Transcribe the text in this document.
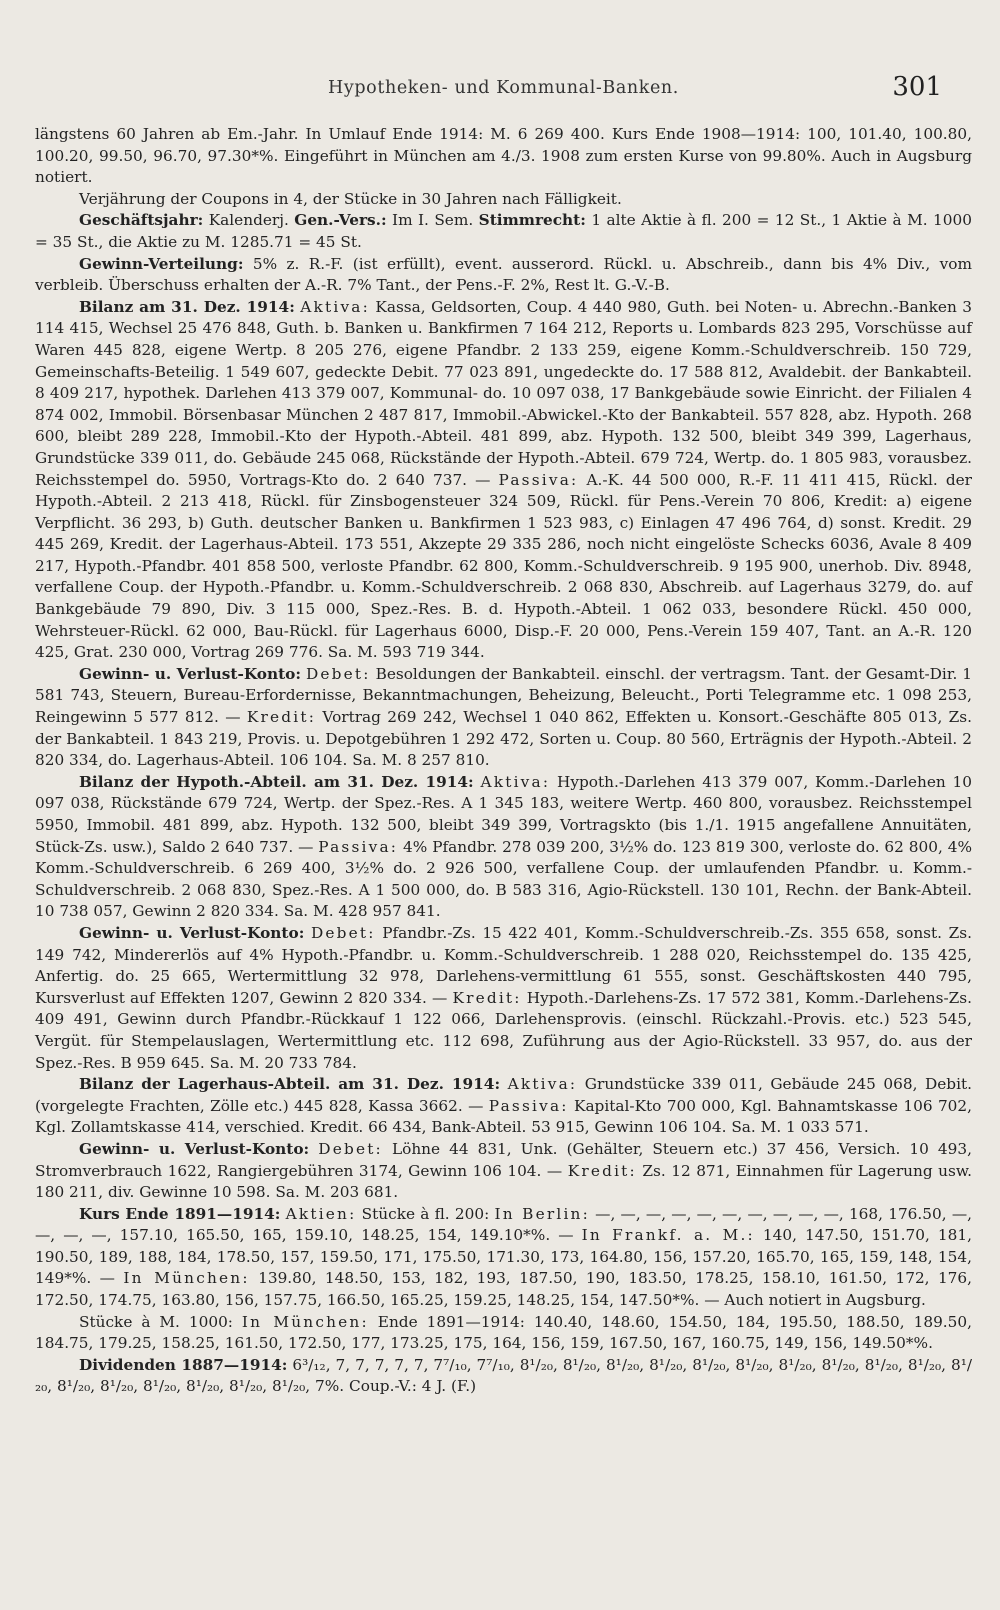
Hypotheken- und Kommunal-Banken.	301

längstens 60 Jahren ab Em.-Jahr. In Umlauf Ende 1914: M. 6 269 400. Kurs Ende 1908—1914: 100, 101.40, 100.80, 100.20, 99.50, 96.70, 97.30*%. Eingeführt in München am 4./3. 1908 zum ersten Kurse von 99.80%. Auch in Augsburg notiert.

Verjährung der Coupons in 4, der Stücke in 30 Jahren nach Fälligkeit.

Geschäftsjahr: Kalenderj. Gen.-Vers.: Im I. Sem. Stimmrecht: 1 alte Aktie à fl. 200 = 12 St., 1 Aktie à M. 1000 = 35 St., die Aktie zu M. 1285.71 = 45 St.

Gewinn-Verteilung: 5% z. R.-F. (ist erfüllt), event. ausserord. Rückl. u. Abschreib., dann bis 4% Div., vom verbleib. Überschuss erhalten der A.-R. 7% Tant., der Pens.-F. 2%, Rest lt. G.-V.-B.

Bilanz am 31. Dez. 1914: Aktiva: Kassa, Geldsorten, Coup. 4 440 980, Guth. bei Noten- u. Abrechn.-Banken 3 114 415, Wechsel 25 476 848, Guth. b. Banken u. Bankfirmen 7 164 212, Reports u. Lombards 823 295, Vorschüsse auf Waren 445 828, eigene Wertp. 8 205 276, eigene Pfandbr. 2 133 259, eigene Komm.-Schuldverschreib. 150 729, Gemeinschafts-Beteilig. 1 549 607, gedeckte Debit. 77 023 891, ungedeckte do. 17 588 812, Avaldebit. der Bankabteil. 8 409 217, hypothek. Darlehen 413 379 007, Kommunal- do. 10 097 038, 17 Bankgebäude sowie Einricht. der Filialen 4 874 002, Immobil. Börsenbasar München 2 487 817, Immobil.-Abwickel.-Kto der Bankabteil. 557 828, abz. Hypoth. 268 600, bleibt 289 228, Immobil.-Kto der Hypoth.-Abteil. 481 899, abz. Hypoth. 132 500, bleibt 349 399, Lagerhaus, Grundstücke 339 011, do. Gebäude 245 068, Rückstände der Hypoth.-Abteil. 679 724, Wertp. do. 1 805 983, vorausbez. Reichsstempel do. 5950, Vortrags-Kto do. 2 640 737. — Passiva: A.-K. 44 500 000, R.-F. 11 411 415, Rückl. der Hypoth.-Abteil. 2 213 418, Rückl. für Zinsbogensteuer 324 509, Rückl. für Pens.-Verein 70 806, Kredit: a) eigene Verpflicht. 36 293, b) Guth. deutscher Banken u. Bankfirmen 1 523 983, c) Einlagen 47 496 764, d) sonst. Kredit. 29 445 269, Kredit. der Lagerhaus-Abteil. 173 551, Akzepte 29 335 286, noch nicht eingelöste Schecks 6036, Avale 8 409 217, Hypoth.-Pfandbr. 401 858 500, verloste Pfandbr. 62 800, Komm.-Schuldverschreib. 9 195 900, unerhob. Div. 8948, verfallene Coup. der Hypoth.-Pfandbr. u. Komm.-Schuldverschreib. 2 068 830, Abschreib. auf Lagerhaus 3279, do. auf Bankgebäude 79 890, Div. 3 115 000, Spez.-Res. B. d. Hypoth.-Abteil. 1 062 033, besondere Rückl. 450 000, Wehrsteuer-Rückl. 62 000, Bau-Rückl. für Lagerhaus 6000, Disp.-F. 20 000, Pens.-Verein 159 407, Tant. an A.-R. 120 425, Grat. 230 000, Vortrag 269 776. Sa. M. 593 719 344.

Gewinn- u. Verlust-Konto: Debet: Besoldungen der Bankabteil. einschl. der vertragsm. Tant. der Gesamt-Dir. 1 581 743, Steuern, Bureau-Erfordernisse, Bekanntmachungen, Beheizung, Beleucht., Porti Telegramme etc. 1 098 253, Reingewinn 5 577 812. — Kredit: Vortrag 269 242, Wechsel 1 040 862, Effekten u. Konsort.-Geschäfte 805 013, Zs. der Bankabteil. 1 843 219, Provis. u. Depotgebühren 1 292 472, Sorten u. Coup. 80 560, Erträgnis der Hypoth.-Abteil. 2 820 334, do. Lagerhaus-Abteil. 106 104. Sa. M. 8 257 810.

Bilanz der Hypoth.-Abteil. am 31. Dez. 1914: Aktiva: Hypoth.-Darlehen 413 379 007, Komm.-Darlehen 10 097 038, Rückstände 679 724, Wertp. der Spez.-Res. A 1 345 183, weitere Wertp. 460 800, vorausbez. Reichsstempel 5950, Immobil. 481 899, abz. Hypoth. 132 500, bleibt 349 399, Vortragskto (bis 1./1. 1915 angefallene Annuitäten, Stück-Zs. usw.), Saldo 2 640 737. — Passiva: 4% Pfandbr. 278 039 200, 3½% do. 123 819 300, verloste do. 62 800, 4% Komm.-Schuldverschreib. 6 269 400, 3½% do. 2 926 500, verfallene Coup. der umlaufenden Pfandbr. u. Komm.-Schuldverschreib. 2 068 830, Spez.-Res. A 1 500 000, do. B 583 316, Agio-Rückstell. 130 101, Rechn. der Bank-Abteil. 10 738 057, Gewinn 2 820 334. Sa. M. 428 957 841.

Gewinn- u. Verlust-Konto: Debet: Pfandbr.-Zs. 15 422 401, Komm.-Schuldverschreib.-Zs. 355 658, sonst. Zs. 149 742, Mindererlös auf 4% Hypoth.-Pfandbr. u. Komm.-Schuldverschreib. 1 288 020, Reichsstempel do. 135 425, Anfertig. do. 25 665, Wertermittlung 32 978, Darlehens-vermittlung 61 555, sonst. Geschäftskosten 440 795, Kursverlust auf Effekten 1207, Gewinn 2 820 334. — Kredit: Hypoth.-Darlehens-Zs. 17 572 381, Komm.-Darlehens-Zs. 409 491, Gewinn durch Pfandbr.-Rückkauf 1 122 066, Darlehensprovis. (einschl. Rückzahl.-Provis. etc.) 523 545, Vergüt. für Stempelauslagen, Wertermittlung etc. 112 698, Zuführung aus der Agio-Rückstell. 33 957, do. aus der Spez.-Res. B 959 645. Sa. M. 20 733 784.

Bilanz der Lagerhaus-Abteil. am 31. Dez. 1914: Aktiva: Grundstücke 339 011, Gebäude 245 068, Debit. (vorgelegte Frachten, Zölle etc.) 445 828, Kassa 3662. — Passiva: Kapital-Kto 700 000, Kgl. Bahnamtskasse 106 702, Kgl. Zollamtskasse 414, verschied. Kredit. 66 434, Bank-Abteil. 53 915, Gewinn 106 104. Sa. M. 1 033 571.

Gewinn- u. Verlust-Konto: Debet: Löhne 44 831, Unk. (Gehälter, Steuern etc.) 37 456, Versich. 10 493, Stromverbrauch 1622, Rangiergebühren 3174, Gewinn 106 104. — Kredit: Zs. 12 871, Einnahmen für Lagerung usw. 180 211, div. Gewinne 10 598. Sa. M. 203 681.

Kurs Ende 1891—1914: Aktien: Stücke à fl. 200: In Berlin: —, —, —, —, —, —, —, —, —, —, 168, 176.50, —, —, —, —, 157.10, 165.50, 165, 159.10, 148.25, 154, 149.10*%. — In Frankf. a. M.: 140, 147.50, 151.70, 181, 190.50, 189, 188, 184, 178.50, 157, 159.50, 171, 175.50, 171.30, 173, 164.80, 156, 157.20, 165.70, 165, 159, 148, 154, 149*%. — In München: 139.80, 148.50, 153, 182, 193, 187.50, 190, 183.50, 178.25, 158.10, 161.50, 172, 176, 172.50, 174.75, 163.80, 156, 157.75, 166.50, 165.25, 159.25, 148.25, 154, 147.50*%. — Auch notiert in Augsburg.

Stücke à M. 1000: In München: Ende 1891—1914: 140.40, 148.60, 154.50, 184, 195.50, 188.50, 189.50, 184.75, 179.25, 158.25, 161.50, 172.50, 177, 173.25, 175, 164, 156, 159, 167.50, 167, 160.75, 149, 156, 149.50*%.

Dividenden 1887—1914: 6³/₁₂, 7, 7, 7, 7, 7, 7⁷/₁₀, 7⁷/₁₀, 8¹/₂₀, 8¹/₂₀, 8¹/₂₀, 8¹/₂₀, 8¹/₂₀, 8¹/₂₀, 8¹/₂₀, 8¹/₂₀, 8¹/₂₀, 8¹/₂₀, 8¹/₂₀, 8¹/₂₀, 8¹/₂₀, 8¹/₂₀, 8¹/₂₀, 8¹/₂₀, 8¹/₂₀, 7%. Coup.-V.: 4 J. (F.)
